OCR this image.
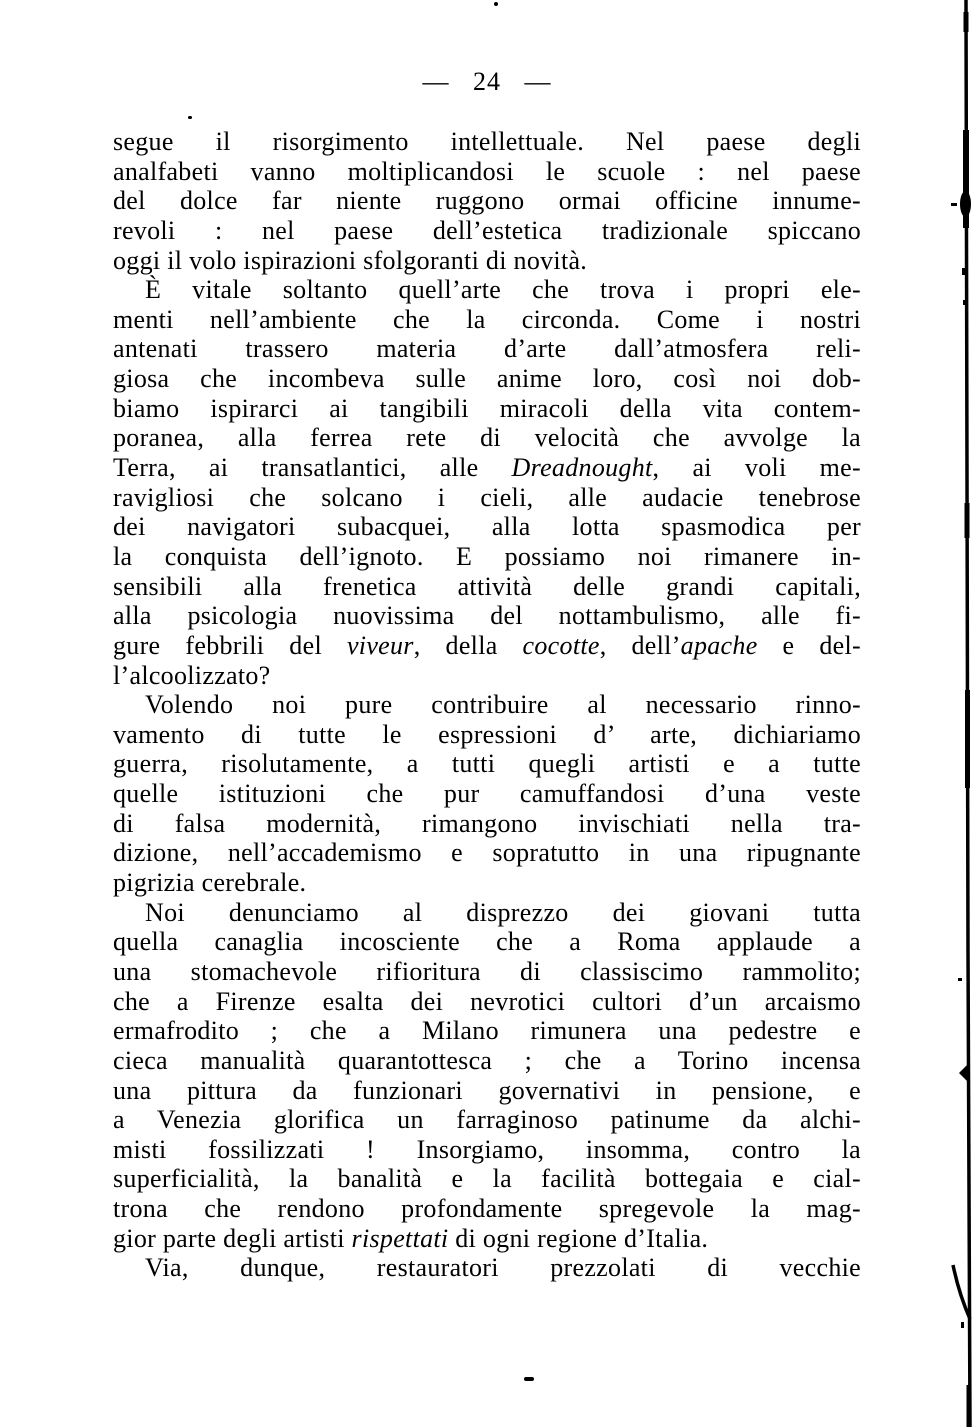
— 24 —
segue il risorgimento intellettuale. Nel paese degli
analfabeti vanno moltiplicandosi le scuole : nel paese
del dolce far niente ruggono ormai officine innume-
revoli : nel paese dell’estetica tradizionale spiccano
oggi il volo ispirazioni sfolgoranti di novità.
È vitale soltanto quell’arte che trova i propri ele-
menti nell’ambiente che la circonda. Come i nostri
antenati trassero materia d’arte dall’atmosfera reli-
giosa che incombeva sulle anime loro, così noi dob-
biamo ispirarci ai tangibili miracoli della vita contem-
poranea, alla ferrea rete di velocità che avvolge la
Terra, ai transatlantici, alle Dreadnought, ai voli me-
ravigliosi che solcano i cieli, alle audacie tenebrose
dei navigatori subacquei, alla lotta spasmodica per
la conquista dell’ignoto. E possiamo noi rimanere in-
sensibili alla frenetica attività delle grandi capitali,
alla psicologia nuovissima del nottambulismo, alle fi-
gure febbrili del viveur, della cocotte, dell’apache e del-
l’alcoolizzato?
Volendo noi pure contribuire al necessario rinno-
vamento di tutte le espressioni d’ arte, dichiariamo
guerra, risolutamente, a tutti quegli artisti e a tutte
quelle istituzioni che pur camuffandosi d’una veste
di falsa modernità, rimangono invischiati nella tra-
dizione, nell’accademismo e sopratutto in una ripugnante
pigrizia cerebrale.
Noi denunciamo al disprezzo dei giovani tutta
quella canaglia incosciente che a Roma applaude a
una stomachevole rifioritura di classiscimo rammolito;
che a Firenze esalta dei nevrotici cultori d’un arcaismo
ermafrodito ; che a Milano rimunera una pedestre e
cieca manualità quarantottesca ; che a Torino incensa
una pittura da funzionari governativi in pensione, e
a Venezia glorifica un farraginoso patinume da alchi-
misti fossilizzati ! Insorgiamo, insomma, contro la
superficialità, la banalità e la facilità bottegaia e cial-
trona che rendono profondamente spregevole la mag-
gior parte degli artisti rispettati di ogni regione d’Italia.
Via, dunque, restauratori prezzolati di vecchie
